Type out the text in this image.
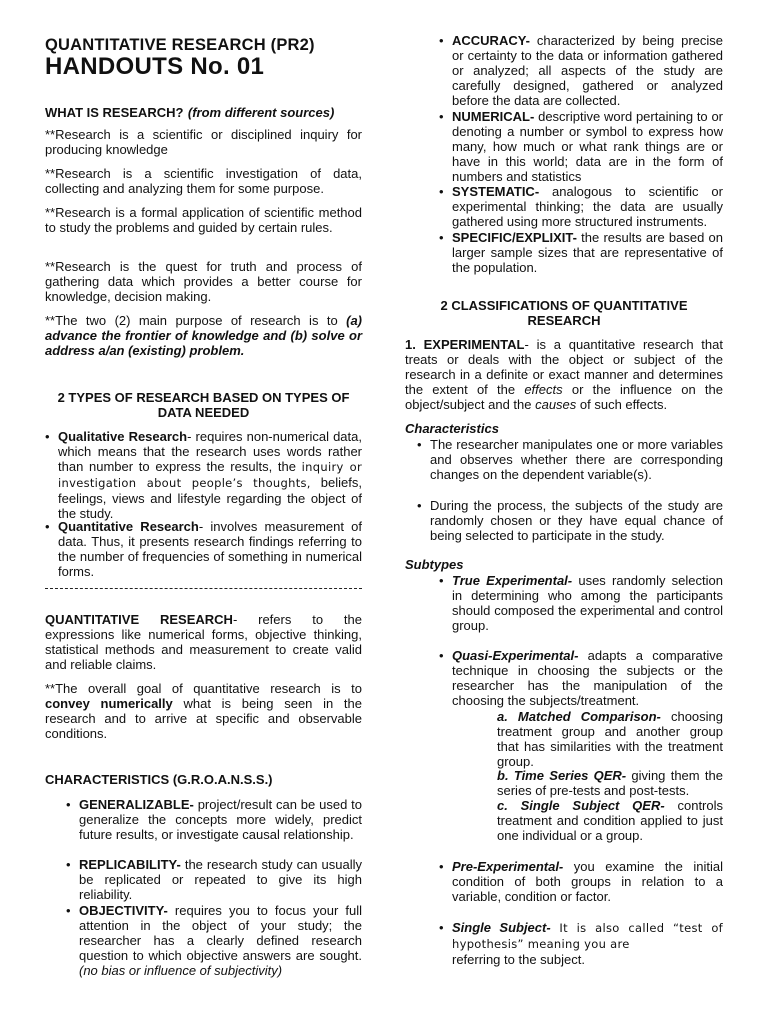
QUANTITATIVE RESEARCH (PR2)
HANDOUTS No. 01
WHAT IS RESEARCH? (from different sources)

**Research is a scientific or disciplined inquiry for producing knowledge

**Research is a scientific investigation of data, collecting and analyzing them for some purpose.

**Research is a formal application of scientific method to study the problems and guided by certain rules.

**Research is the quest for truth and process of gathering data which provides a better course for knowledge, decision making.

**The two (2) main purpose of research is to (a) advance the frontier of knowledge and (b) solve or address a/an (existing) problem.

2 TYPES OF RESEARCH BASED ON TYPES OF
DATA NEEDED
• Qualitative Research- requires non-numerical data, which means that the research uses words rather than number to express the results, the inquiry or investigation about people’s thoughts, beliefs, feelings, views and lifestyle regarding the object of the study.

• Quantitative Research- involves measurement of data. Thus, it presents research findings referring to the number of frequencies of something in numerical forms.

QUANTITATIVE RESEARCH- refers to the expressions like numerical forms, objective thinking, statistical methods and measurement to create valid and reliable claims.

**The overall goal of quantitative research is to convey numerically what is being seen in the research and to arrive at specific and observable conditions.

CHARACTERISTICS (G.R.O.A.N.S.S.)
• GENERALIZABLE- project/result can be used to generalize the concepts more widely, predict future results, or investigate causal relationship.

• REPLICABILITY- the research study can usually be replicated or repeated to give its high reliability.

• OBJECTIVITY- requires you to focus your full attention in the object of your study; the researcher has a clearly defined research question to which objective answers are sought. (no bias or influence of subjectivity)

• ACCURACY- characterized by being precise or certainty to the data or information gathered or analyzed; all aspects of the study are carefully designed, gathered or analyzed before the data are collected.

• NUMERICAL- descriptive word pertaining to or denoting a number or symbol to express how many, how much or what rank things are or have in this world; data are in the form of numbers and statistics

• SYSTEMATIC- analogous to scientific or experimental thinking; the data are usually gathered using more structured instruments.

• SPECIFIC/EXPLIXIT- the results are based on larger sample sizes that are representative of the population.

2 CLASSIFICATIONS OF QUANTITATIVE
RESEARCH

1. EXPERIMENTAL- is a quantitative research that treats or deals with the object or subject of the research in a definite or exact manner and determines the extent of the effects or the influence on the object/subject and the causes of such effects.

Characteristics
• The researcher manipulates one or more variables and observes whether there are corresponding changes on the dependent variable(s).

• During the process, the subjects of the study are randomly chosen or they have equal chance of being selected to participate in the study.

Subtypes
• True Experimental- uses randomly selection in determining who among the participants should composed the experimental and control group.

• Quasi-Experimental- adapts a comparative technique in choosing the subjects or the researcher has the manipulation of the choosing the subjects/treatment.

a. Matched Comparison- choosing treatment group and another group that has similarities with the treatment group.

b. Time Series QER- giving them the series of pre-tests and post-tests.

c. Single Subject QER- controls treatment and condition applied to just one individual or a group.

• Pre-Experimental- you examine the initial condition of both groups in relation to a variable, condition or factor.

• Single Subject- It is also called “test of hypothesis” meaning you are
referring to the subject.
